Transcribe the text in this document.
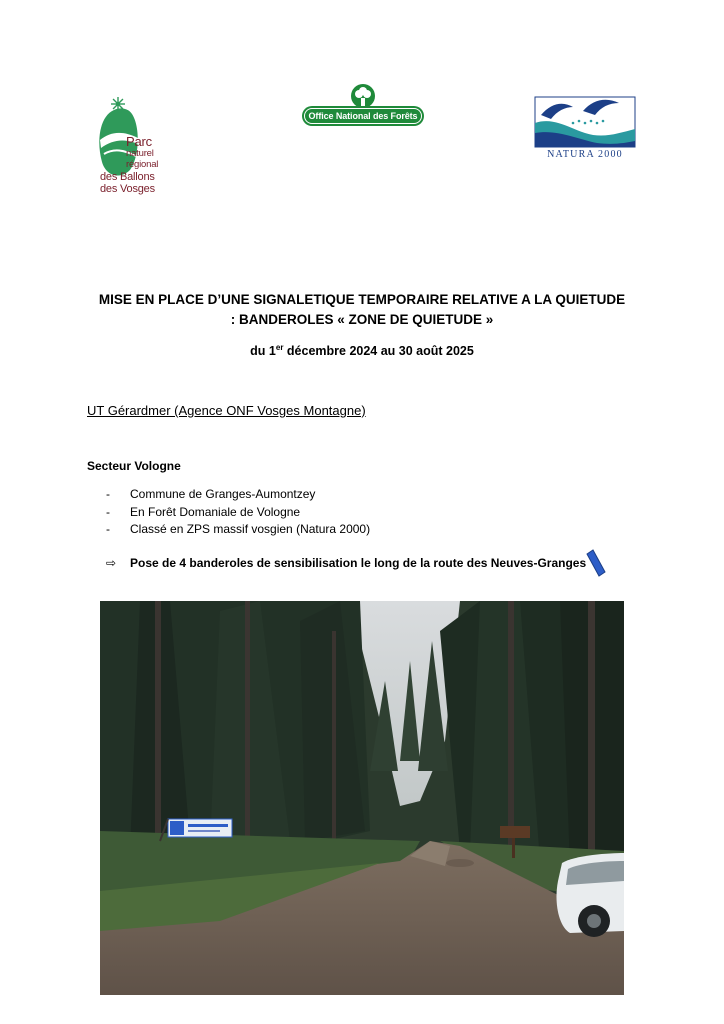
Parc
naturel
régional
des Ballons
des Vosges
Office National des Forêts
NATURA 2000
MISE EN PLACE D’UNE SIGNALETIQUE TEMPORAIRE RELATIVE A LA QUIETUDE
: BANDEROLES « ZONE DE QUIETUDE »
du 1er décembre 2024 au 30 août 2025
UT Gérardmer (Agence ONF Vosges Montagne)
Secteur Vologne
- Commune de Granges-Aumontzey
- En Forêt Domaniale de Vologne
- Classé en ZPS massif vosgien (Natura 2000)
⇨ Pose de 4 banderoles de sensibilisation le long de la route des Neuves-Granges
